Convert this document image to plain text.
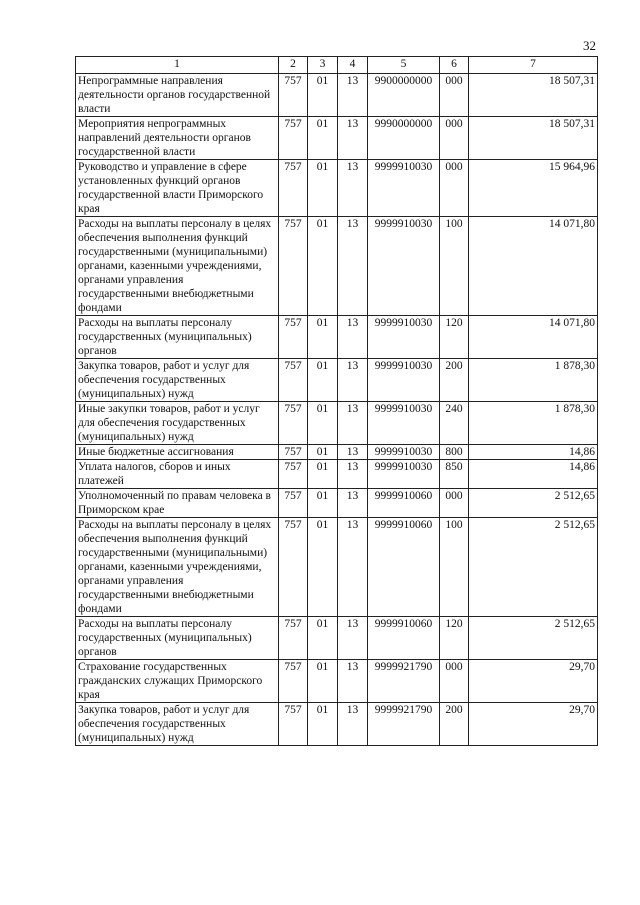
32
1	2	3	4	5	6	7
Непрограммные направления деятельности органов государственной власти	757	01	13	9900000000	000	18 507,31
Мероприятия непрограммных направлений деятельности органов государственной власти	757	01	13	9990000000	000	18 507,31
Руководство и управление в сфере установленных функций органов государственной власти Приморского края	757	01	13	9999910030	000	15 964,96
Расходы на выплаты персоналу в целях обеспечения выполнения функций государственными (муниципальными) органами, казенными учреждениями, органами управления государственными внебюджетными фондами	757	01	13	9999910030	100	14 071,80
Расходы на выплаты персоналу государственных (муниципальных) органов	757	01	13	9999910030	120	14 071,80
Закупка товаров, работ и услуг для обеспечения государственных (муниципальных) нужд	757	01	13	9999910030	200	1 878,30
Иные закупки товаров, работ и услуг для обеспечения государственных (муниципальных) нужд	757	01	13	9999910030	240	1 878,30
Иные бюджетные ассигнования	757	01	13	9999910030	800	14,86
Уплата налогов, сборов и иных платежей	757	01	13	9999910030	850	14,86
Уполномоченный по правам человека в Приморском крае	757	01	13	9999910060	000	2 512,65
Расходы на выплаты персоналу в целях обеспечения выполнения функций государственными (муниципальными) органами, казенными учреждениями, органами управления государственными внебюджетными фондами	757	01	13	9999910060	100	2 512,65
Расходы на выплаты персоналу государственных (муниципальных) органов	757	01	13	9999910060	120	2 512,65
Страхование государственных гражданских служащих Приморского края	757	01	13	9999921790	000	29,70
Закупка товаров, работ и услуг для обеспечения государственных (муниципальных) нужд	757	01	13	9999921790	200	29,70
